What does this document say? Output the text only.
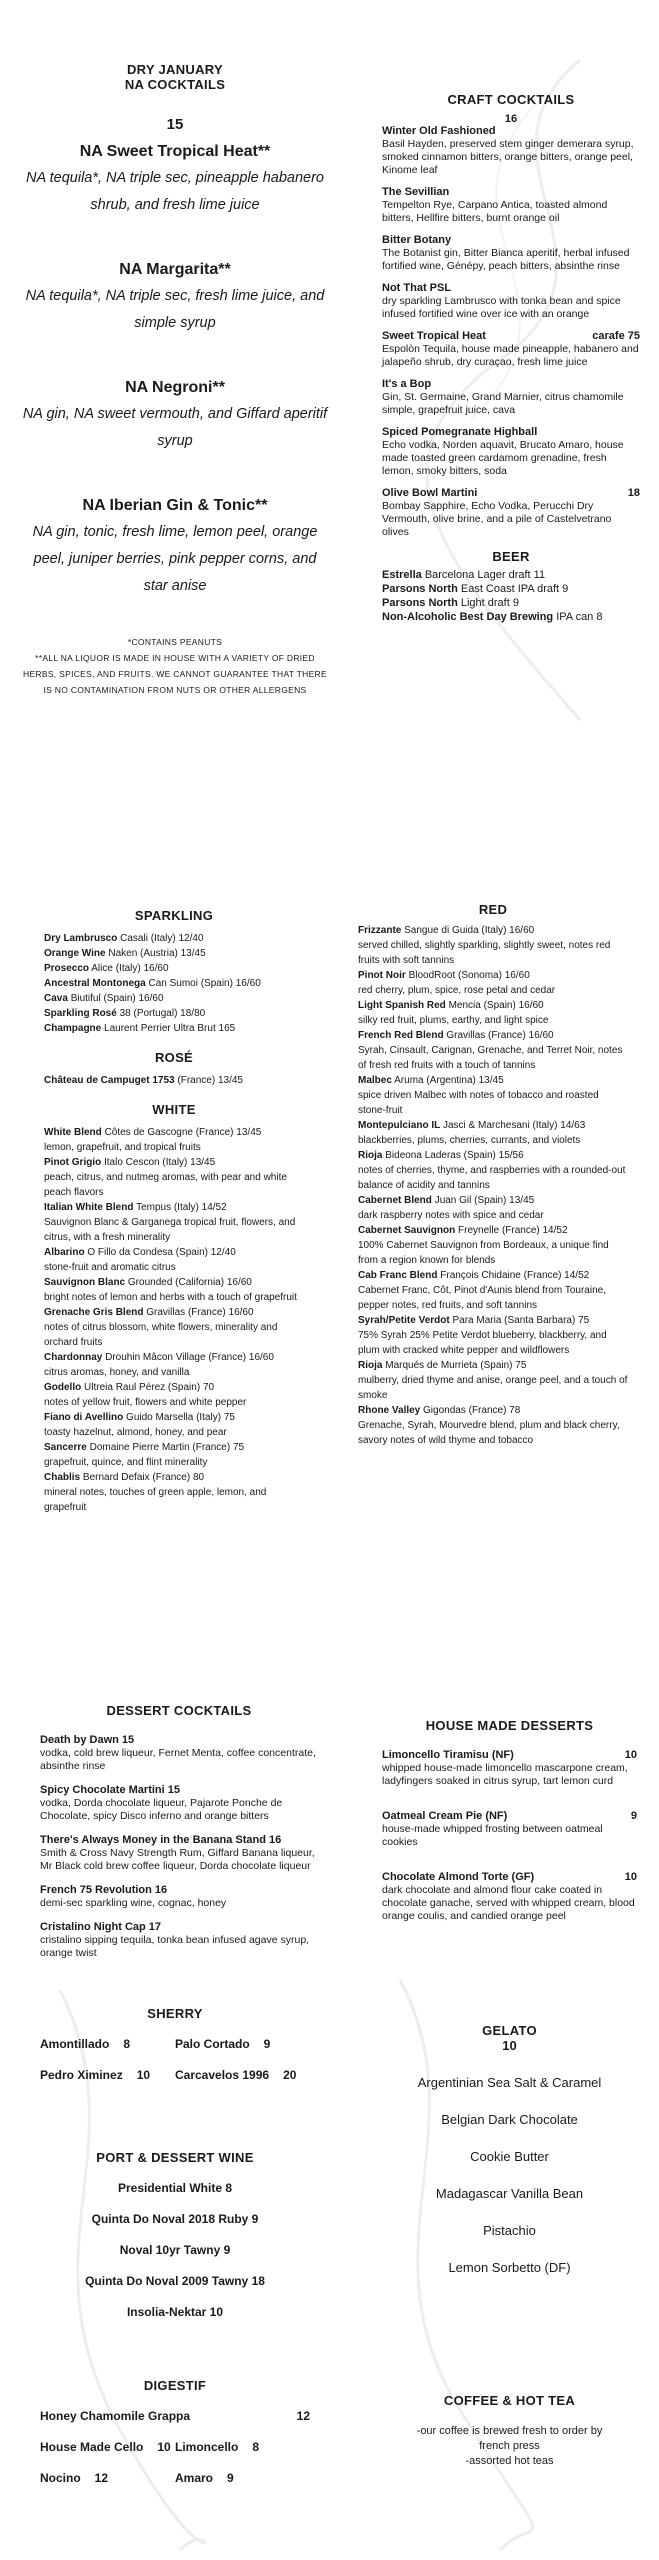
DRY JANUARY
NA COCKTAILS
15
NA Sweet Tropical Heat**
NA tequila*, NA triple sec, pineapple habanero shrub, and fresh lime juice
NA Margarita**
NA tequila*, NA triple sec, fresh lime juice, and simple syrup
NA Negroni**
NA gin, NA sweet vermouth, and Giffard aperitif syrup
NA Iberian Gin & Tonic**
NA gin, tonic, fresh lime, lemon peel, orange peel, juniper berries, pink pepper corns, and star anise
*CONTAINS PEANUTS
**ALL NA LIQUOR IS MADE IN HOUSE WITH A VARIETY OF DRIED HERBS, SPICES, AND FRUITS. WE CANNOT GUARANTEE THAT THERE IS NO CONTAMINATION FROM NUTS OR OTHER ALLERGENS
CRAFT COCKTAILS
16
Winter Old Fashioned
Basil Hayden, preserved stem ginger demerara syrup, smoked cinnamon bitters, orange bitters, orange peel, Kinome leaf
The Sevillian
Tempelton Rye, Carpano Antica, toasted almond bitters, Hellfire bitters, burnt orange oil
Bitter Botany
The Botanist gin, Bitter Bianca aperitif, herbal infused fortified wine, Génépy, peach bitters, absinthe rinse
Not That PSL
dry sparkling Lambrusco with tonka bean and spice infused fortified wine over ice with an orange
Sweet Tropical Heat	carafe 75
Espolòn Tequila, house made pineapple, habanero and jalapeño shrub, dry curaçao, fresh lime juice
It's a Bop
Gin, St. Germaine, Grand Marnier, citrus chamomile simple, grapefruit juice, cava
Spiced Pomegranate Highball
Echo vodka, Norden aquavit, Brucato Amaro, house made toasted green cardamom grenadine, fresh lemon, smoky bitters, soda
Olive Bowl Martini	18
Bombay Sapphire, Echo Vodka, Perucchi Dry Vermouth, olive brine, and a pile of Castelvetrano olives
BEER
Estrella Barcelona Lager draft 11
Parsons North East Coast IPA draft 9
Parsons North Light draft 9
Non-Alcoholic Best Day Brewing IPA can 8
SPARKLING
Dry Lambrusco Casali (Italy) 12/40
Orange Wine Naken (Austria) 13/45
Prosecco Alice (Italy) 16/60
Ancestral Montonega Can Sumoi (Spain) 16/60
Cava Biutiful (Spain) 16/60
Sparkling Rosé 38 (Portugal) 18/80
Champagne Laurent Perrier Ultra Brut 165
ROSÉ
Château de Campuget 1753 (France) 13/45
WHITE
White Blend Côtes de Gascogne (France) 13/45
lemon, grapefruit, and tropical fruits
Pinot Grigio Italo Cescon (Italy) 13/45
peach, citrus, and nutmeg aromas, with pear and white peach flavors
Italian White Blend Tempus (Italy) 14/52
Sauvignon Blanc & Garganega tropical fruit, flowers, and citrus, with a fresh minerality
Albarino O Fillo da Condesa (Spain) 12/40
stone-fruit and aromatic citrus
Sauvignon Blanc Grounded (California) 16/60
bright notes of lemon and herbs with a touch of grapefruit
Grenache Gris Blend Gravillas (France) 16/60
notes of citrus blossom, white flowers, minerality and orchard fruits
Chardonnay Drouhin Mâcon Village (France) 16/60
citrus aromas, honey, and vanilla
Godello Ultreia Raul Pérez (Spain) 70
notes of yellow fruit, flowers and white pepper
Fiano di Avellino Guido Marsella (Italy) 75
toasty hazelnut, almond, honey, and pear
Sancerre Domaine Pierre Martin (France) 75
grapefruit, quince, and flint minerality
Chablis Bernard Defaix (France) 80
mineral notes, touches of green apple, lemon, and grapefruit
RED
Frizzante Sangue di Guida (Italy) 16/60
served chilled, slightly sparkling, slightly sweet, notes red fruits with soft tannins
Pinot Noir BloodRoot (Sonoma) 16/60
red cherry, plum, spice, rose petal and cedar
Light Spanish Red Mencia (Spain) 16/60
silky red fruit, plums, earthy, and light spice
French Red Blend Gravillas (France) 16/60
Syrah, Cinsault, Carignan, Grenache, and Terret Noir, notes of fresh red fruits with a touch of tannins
Malbec Aruma (Argentina) 13/45
spice driven Malbec with notes of tobacco and roasted stone-fruit
Montepulciano IL Jasci & Marchesani (Italy) 14/63
blackberries, plums, cherries, currants, and violets
Rioja Bideona Laderas (Spain) 15/56
notes of cherries, thyme, and raspberries with a rounded-out balance of acidity and tannins
Cabernet Blend Juan Gil (Spain) 13/45
dark raspberry notes with spice and cedar
Cabernet Sauvignon Freynelle (France) 14/52
100% Cabernet Sauvignon from Bordeaux, a unique find from a region known for blends
Cab Franc Blend François Chidaine (France) 14/52
Cabernet Franc, Côt, Pinot d'Aunis blend from Touraine, pepper notes, red fruits, and soft tannins
Syrah/Petite Verdot Para Maria (Santa Barbara) 75
75% Syrah 25% Petite Verdot blueberry, blackberry, and plum with cracked white pepper and wildflowers
Rioja Marqués de Murrieta (Spain) 75
mulberry, dried thyme and anise, orange peel, and a touch of smoke
Rhone Valley Gigondas (France) 78
Grenache, Syrah, Mourvedre blend, plum and black cherry, savory notes of wild thyme and tobacco
DESSERT COCKTAILS
Death by Dawn 15
vodka, cold brew liqueur, Fernet Menta, coffee concentrate, absinthe rinse
Spicy Chocolate Martini 15
vodka, Dorda chocolate liqueur, Pajarote Ponche de Chocolate, spicy Disco inferno and orange bitters
There's Always Money in the Banana Stand 16
Smith & Cross Navy Strength Rum, Giffard Banana liqueur, Mr Black cold brew coffee liqueur, Dorda chocolate liqueur
French 75 Revolution 16
demi-sec sparkling wine, cognac, honey
Cristalino Night Cap 17
cristalino sipping tequila, tonka bean infused agave syrup, orange twist
SHERRY
Amontillado 8	Palo Cortado 9
Pedro Ximinez 10 Carcavelos 1996 20
PORT & DESSERT WINE
Presidential White 8
Quinta Do Noval 2018 Ruby 9
Noval 10yr Tawny 9
Quinta Do Noval 2009 Tawny 18
Insolia-Nektar 10
DIGESTIF
Honey Chamomile Grappa	12
House Made Cello 10 Limoncello 8
Nocino 12	Amaro 9
HOUSE MADE DESSERTS
Limoncello Tiramisu (NF)	10
whipped house-made limoncello mascarpone cream, ladyfingers soaked in citrus syrup, tart lemon curd
Oatmeal Cream Pie (NF)	9
house-made whipped frosting between oatmeal cookies
Chocolate Almond Torte (GF)	10
dark chocolate and almond flour cake coated in chocolate ganache, served with whipped cream, blood orange coulis, and candied orange peel
GELATO
10
Argentinian Sea Salt & Caramel
Belgian Dark Chocolate
Cookie Butter
Madagascar Vanilla Bean
Pistachio
Lemon Sorbetto (DF)
COFFEE & HOT TEA
-our coffee is brewed fresh to order by french press
-assorted hot teas
